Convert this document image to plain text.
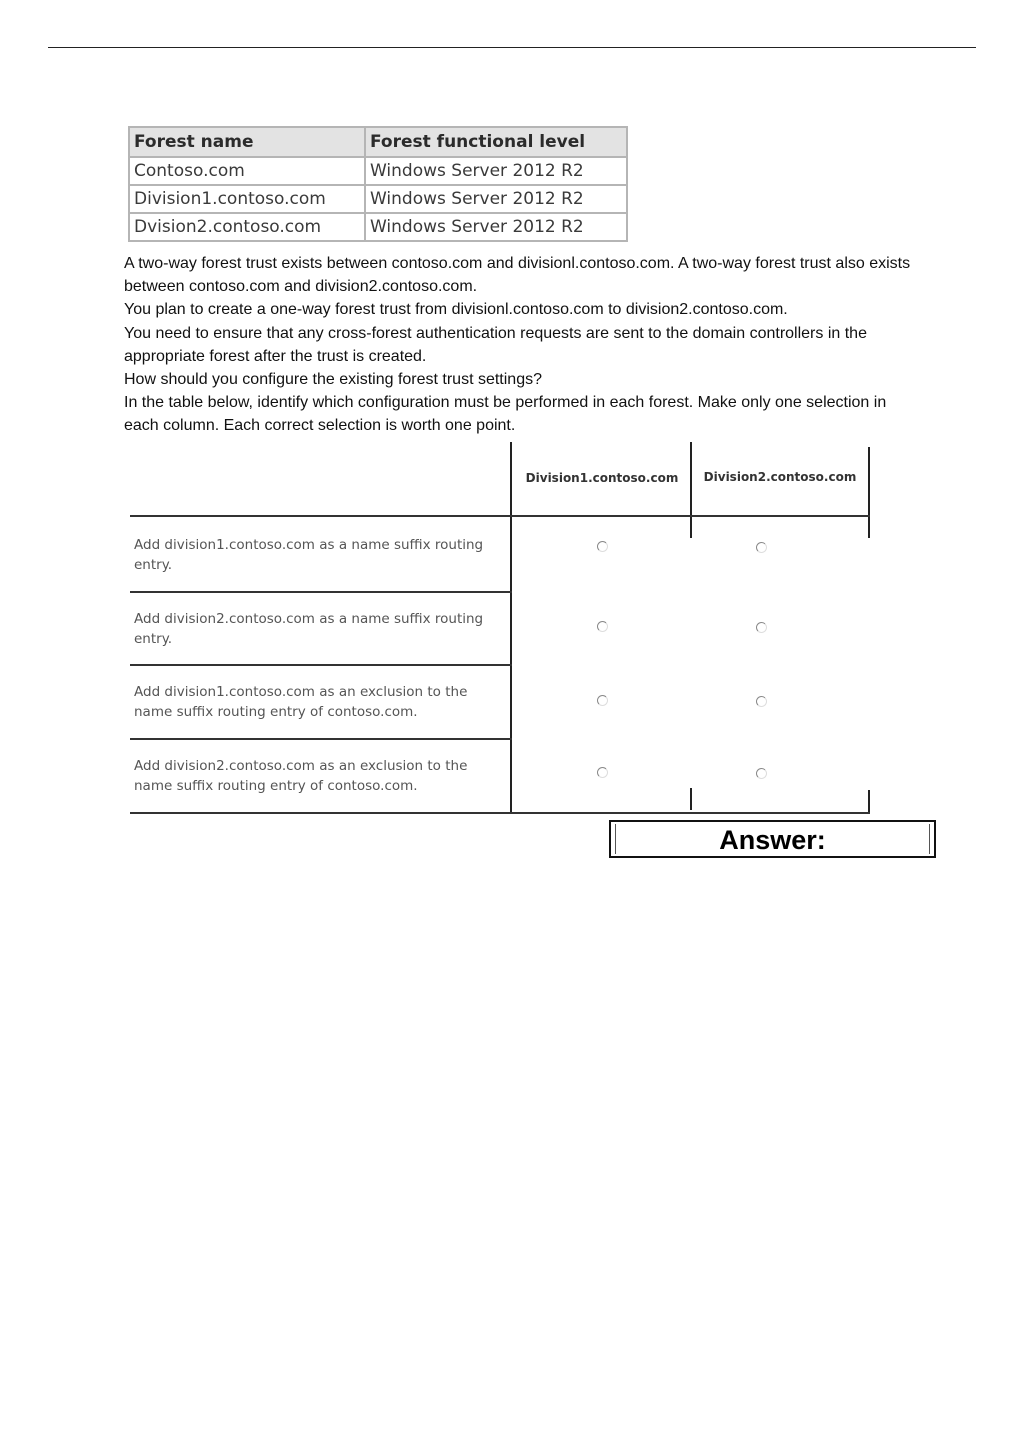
Forest name	Forest functional level
Contoso.com	Windows Server 2012 R2
Division1.contoso.com	Windows Server 2012 R2
Dvision2.contoso.com	Windows Server 2012 R2

A two-way forest trust exists between contoso.com and divisionl.contoso.com. A two-way forest trust also exists between contoso.com and division2.contoso.com.

You plan to create a one-way forest trust from divisionl.contoso.com to division2.contoso.com.

You need to ensure that any cross-forest authentication requests are sent to the domain controllers in the appropriate forest after the trust is created.

How should you configure the existing forest trust settings?

In the table below, identify which configuration must be performed in each forest. Make only one selection in each column. Each correct selection is worth one point.

Division1.contoso.com	Division2.contoso.com
Add division1.contoso.com as a name suffix routing entry.
Add division2.contoso.com as a name suffix routing entry.
Add division1.contoso.com as an exclusion to the name suffix routing entry of contoso.com.
Add division2.contoso.com as an exclusion to the name suffix routing entry of contoso.com.
Answer:
